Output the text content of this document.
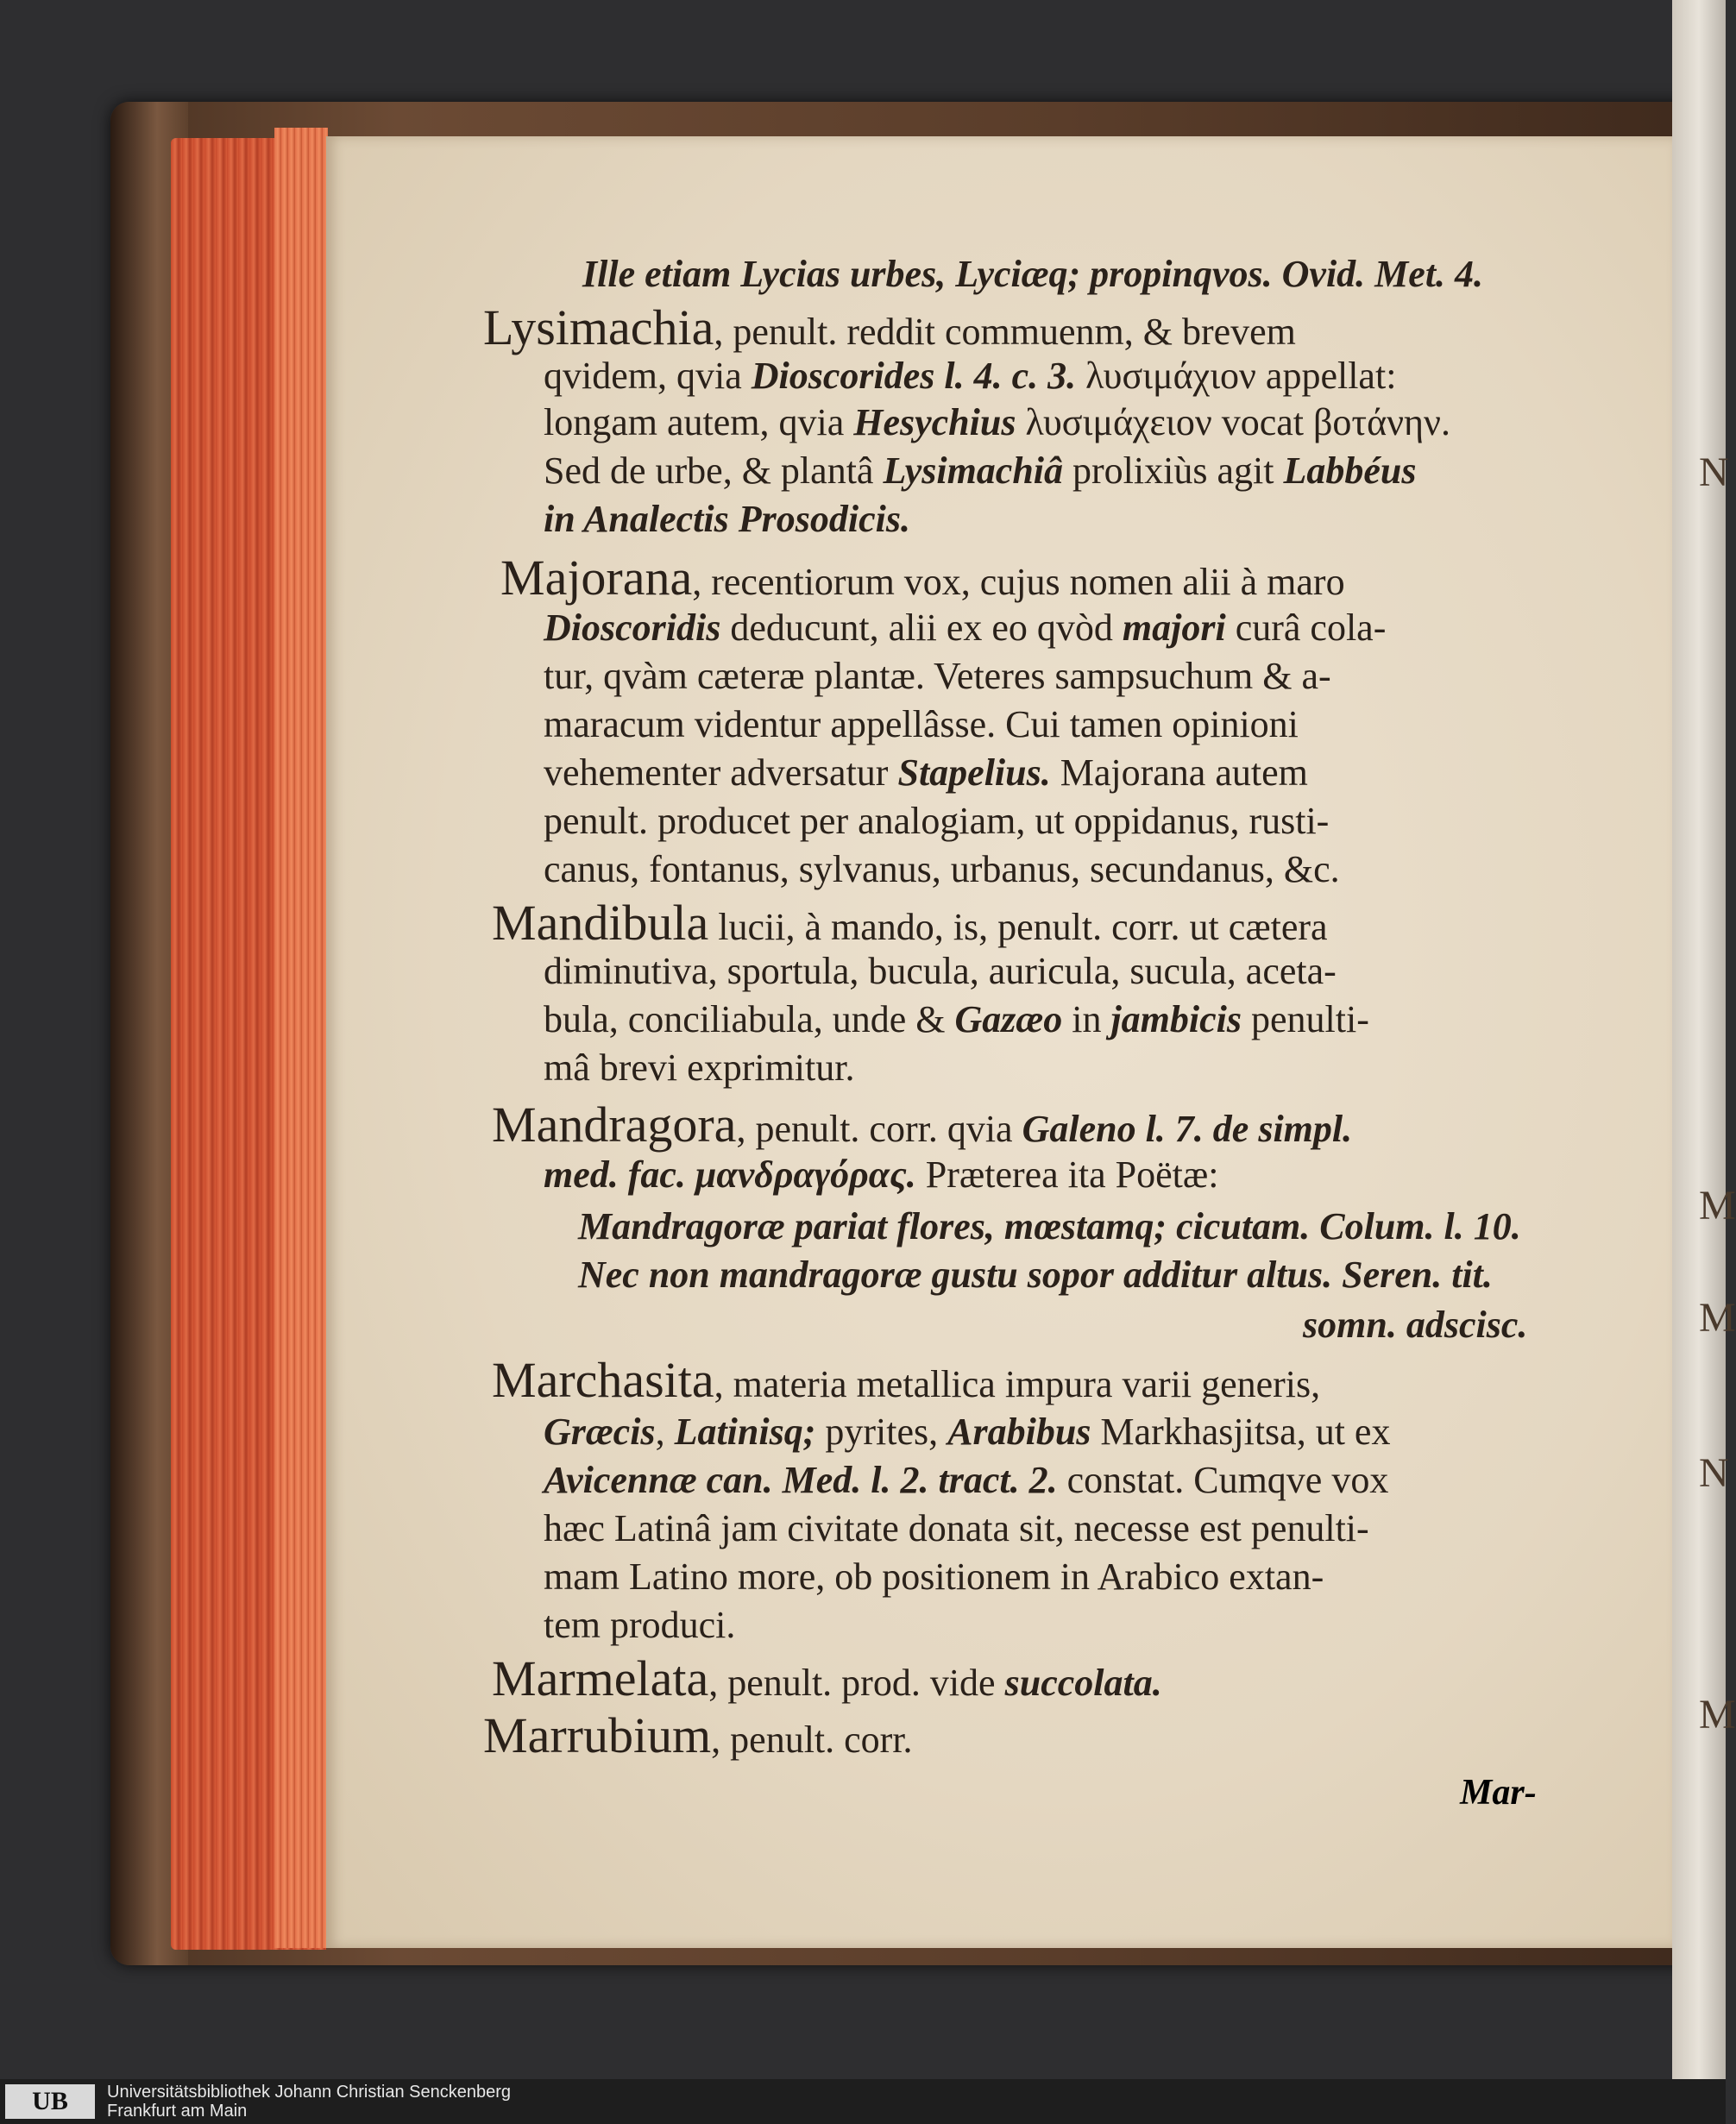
N
M
M
N
M
Ille etiam Lycias urbes, Lyciæq; propinqvos. Ovid. Met. 4.
Lysimachia, penult. reddit commuenm, & brevem
qvidem, qvia Dioscorides l. 4. c. 3. λυσιμάχιον appellat:
longam autem, qvia Hesychius λυσιμάχειον vocat βοτάνην.
Sed de urbe, & plantâ Lysimachiâ prolixiùs agit Labbéus
in Analectis Prosodicis.
Majorana, recentiorum vox, cujus nomen alii à maro
Dioscoridis deducunt, alii ex eo qvòd majori curâ cola-
tur, qvàm cæteræ plantæ. Veteres sampsuchum & a-
maracum videntur appellâsse. Cui tamen opinioni
vehementer adversatur Stapelius. Majorana autem
penult. producet per analogiam, ut oppidanus, rusti-
canus, fontanus, sylvanus, urbanus, secundanus, &c.
Mandibula lucii, à mando, is, penult. corr. ut cætera
diminutiva, sportula, bucula, auricula, sucula, aceta-
bula, conciliabula, unde & Gazæo in jambicis penulti-
mâ brevi exprimitur.
Mandragora, penult. corr. qvia Galeno l. 7. de simpl.
med. fac. μανδραγόρας. Præterea ita Poëtæ:
Mandragoræ pariat flores, mœstamq; cicutam. Colum. l. 10.
Nec non mandragoræ gustu sopor additur altus. Seren. tit.
somn. adscisc.
Marchasita, materia metallica impura varii generis,
Græcis, Latinisq; pyrites, Arabibus Markhasjitsa, ut ex
Avicennæ can. Med. l. 2. tract. 2. constat. Cumqve vox
hæc Latinâ jam civitate donata sit, necesse est penulti-
mam Latino more, ob positionem in Arabico extan-
tem produci.
Marmelata, penult. prod. vide succolata.
Marrubium, penult. corr.
Mar-
UB	Universitätsbibliothek Johann Christian Senckenberg
Frankfurt am Main
